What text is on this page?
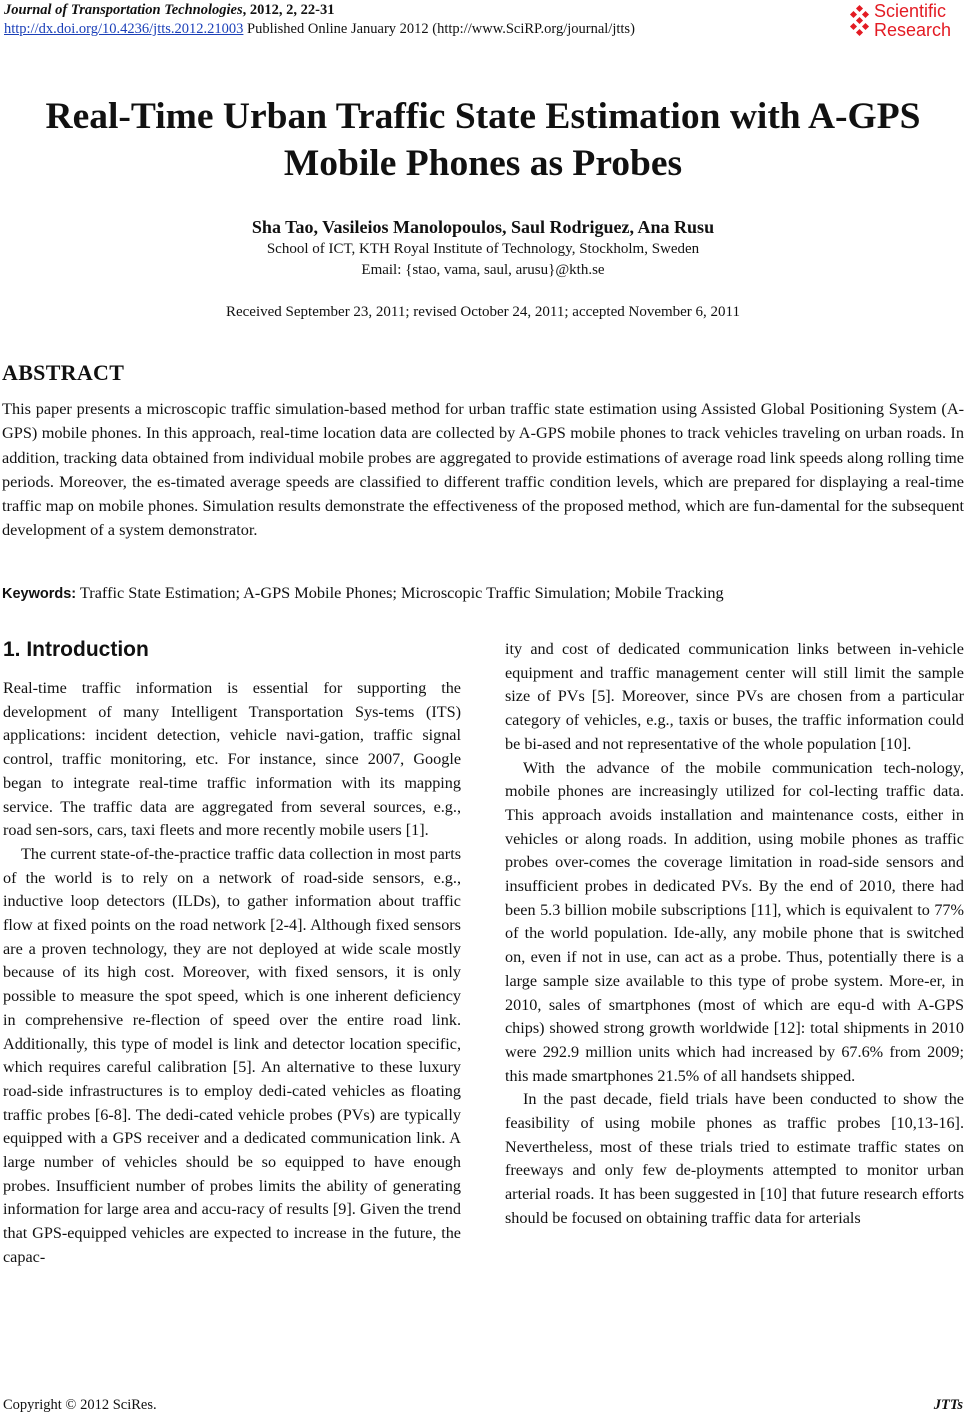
Journal of Transportation Technologies, 2012, 2, 22-31
http://dx.doi.org/10.4236/jtts.2012.21003 Published Online January 2012 (http://www.SciRP.org/journal/jtts)
Scientific
Research
Real-Time Urban Traffic State Estimation with A-GPS
Mobile Phones as Probes
Sha Tao, Vasileios Manolopoulos, Saul Rodriguez, Ana Rusu
School of ICT, KTH Royal Institute of Technology, Stockholm, Sweden
Email: {stao, vama, saul, arusu}@kth.se
Received September 23, 2011; revised October 24, 2011; accepted November 6, 2011
ABSTRACT
This paper presents a microscopic traffic simulation-based method for urban traffic state estimation using Assisted Global Positioning System (A-GPS) mobile phones. In this approach, real-time location data are collected by A-GPS mobile phones to track vehicles traveling on urban roads. In addition, tracking data obtained from individual mobile probes are aggregated to provide estimations of average road link speeds along rolling time periods. Moreover, the es-timated average speeds are classified to different traffic condition levels, which are prepared for displaying a real-time traffic map on mobile phones. Simulation results demonstrate the effectiveness of the proposed method, which are fun-damental for the subsequent development of a system demonstrator.
Keywords: Traffic State Estimation; A-GPS Mobile Phones; Microscopic Traffic Simulation; Mobile Tracking
1. Introduction

Real-time traffic information is essential for supporting the development of many Intelligent Transportation Sys-tems (ITS) applications: incident detection, vehicle navi-gation, traffic signal control, traffic monitoring, etc. For instance, since 2007, Google began to integrate real-time traffic information with its mapping service. The traffic data are aggregated from several sources, e.g., road sen-sors, cars, taxi fleets and more recently mobile users [1].

The current state-of-the-practice traffic data collection in most parts of the world is to rely on a network of road-side sensors, e.g., inductive loop detectors (ILDs), to gather information about traffic flow at fixed points on the road network [2-4]. Although fixed sensors are a proven technology, they are not deployed at wide scale mostly because of its high cost. Moreover, with fixed sensors, it is only possible to measure the spot speed, which is one inherent deficiency in comprehensive re-flection of speed over the entire road link. Additionally, this type of model is link and detector location specific, which requires careful calibration [5]. An alternative to these luxury road-side infrastructures is to employ dedi-cated vehicles as floating traffic probes [6-8]. The dedi-cated vehicle probes (PVs) are typically equipped with a GPS receiver and a dedicated communication link. A large number of vehicles should be so equipped to have enough probes. Insufficient number of probes limits the ability of generating information for large area and accu-racy of results [9]. Given the trend that GPS-equipped vehicles are expected to increase in the future, the capac-

ity and cost of dedicated communication links between in-vehicle equipment and traffic management center will still limit the sample size of PVs [5]. Moreover, since PVs are chosen from a particular category of vehicles, e.g., taxis or buses, the traffic information could be bi-ased and not representative of the whole population [10].

With the advance of the mobile communication tech-nology, mobile phones are increasingly utilized for col-lecting traffic data. This approach avoids installation and maintenance costs, either in vehicles or along roads. In addition, using mobile phones as traffic probes over-comes the coverage limitation in road-side sensors and insufficient probes in dedicated PVs. By the end of 2010, there had been 5.3 billion mobile subscriptions [11], which is equivalent to 77% of the world population. Ide-ally, any mobile phone that is switched on, even if not in use, can act as a probe. Thus, potentially there is a large sample size available to this type of probe system. More-er, in 2010, sales of smartphones (most of which are equ-d with A-GPS chips) showed strong growth worldwide [12]: total shipments in 2010 were 292.9 million units which had increased by 67.6% from 2009; this made smartphones 21.5% of all handsets shipped.

In the past decade, field trials have been conducted to show the feasibility of using mobile phones as traffic probes [10,13-16]. Nevertheless, most of these trials tried to estimate traffic states on freeways and only few de-ployments attempted to monitor urban arterial roads. It has been suggested in [10] that future research efforts should be focused on obtaining traffic data for arterials

Copyright © 2012 SciRes.	JTTs
